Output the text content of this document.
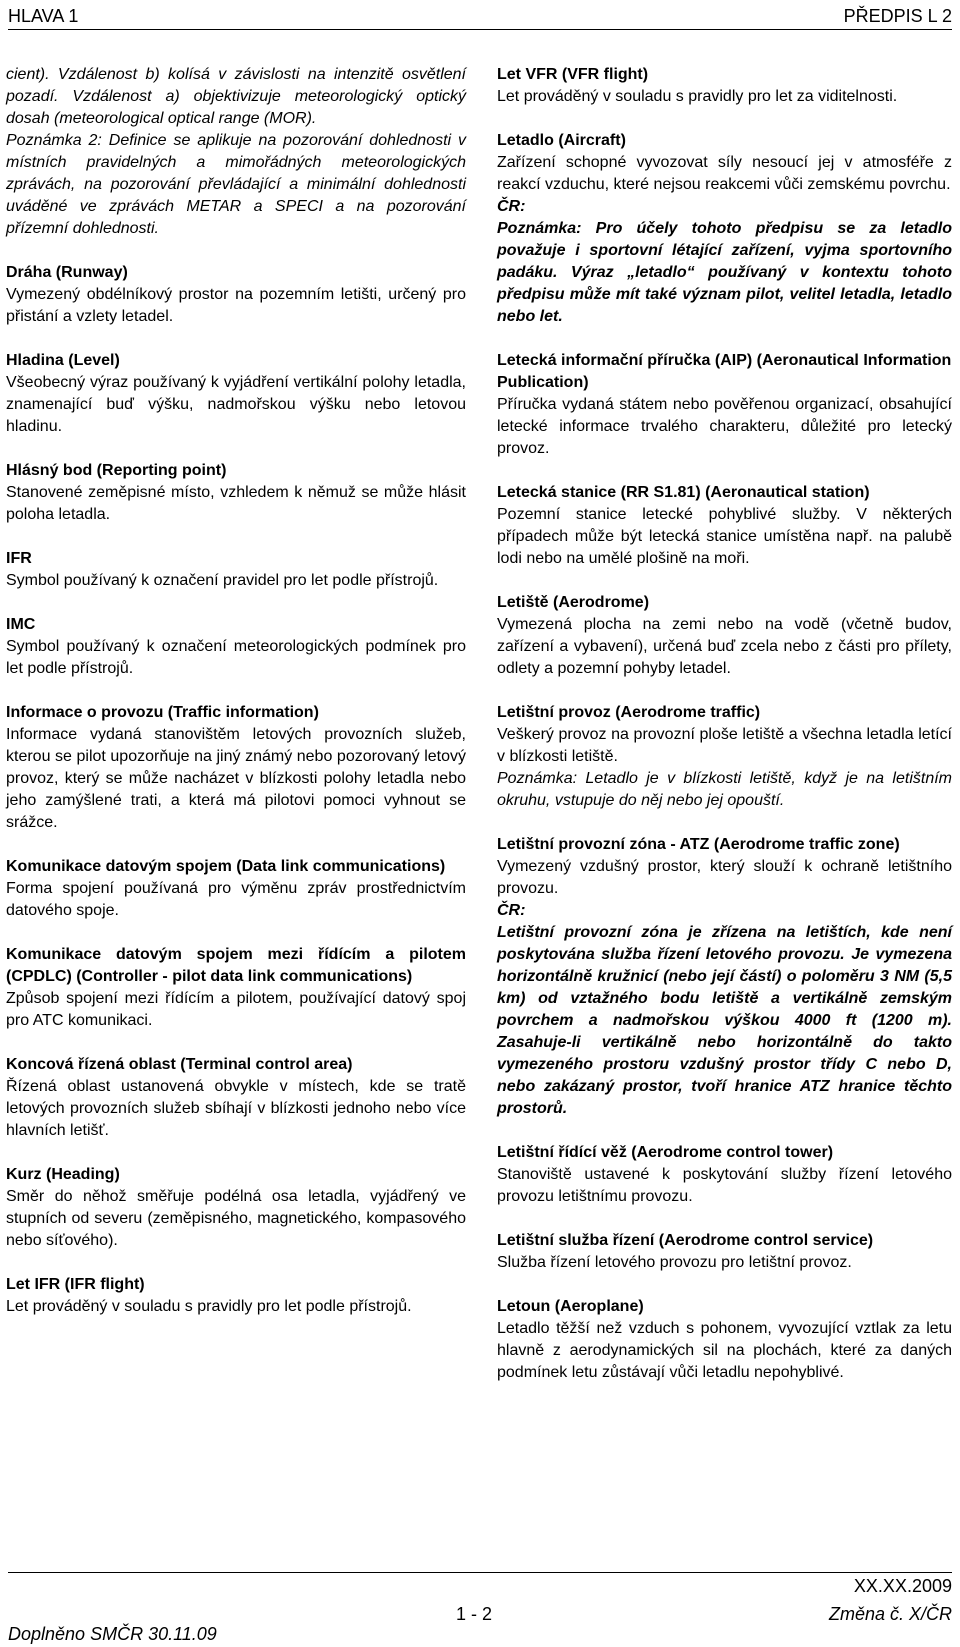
HLAVA 1	PŘEDPIS L 2
cient). Vzdálenost b) kolísá v závislosti na intenzitě osvětlení pozadí. Vzdálenost a) objektivizuje meteorologický optický dosah (meteorological optical range (MOR).
Poznámka 2: Definice se aplikuje na pozorování dohlednosti v místních pravidelných a mimořádných meteorologických zprávách, na pozorování převládající a minimální dohlednosti uváděné ve zprávách METAR a SPECI a na pozorování přízemní dohlednosti.
Dráha (Runway)
Vymezený obdélníkový prostor na pozemním letišti, určený pro přistání a vzlety letadel.
Hladina (Level)
Všeobecný výraz používaný k vyjádření vertikální polohy letadla, znamenající buď výšku, nadmořskou výšku nebo letovou hladinu.
Hlásný bod (Reporting point)
Stanovené zeměpisné místo, vzhledem k němuž se může hlásit poloha letadla.
IFR
Symbol používaný k označení pravidel pro let podle přístrojů.
IMC
Symbol používaný k označení meteorologických podmínek pro let podle přístrojů.
Informace o provozu (Traffic information)
Informace vydaná stanovištěm letových provozních služeb, kterou se pilot upozorňuje na jiný známý nebo pozorovaný letový provoz, který se může nacházet v blízkosti polohy letadla nebo jeho zamýšlené trati, a která má pilotovi pomoci vyhnout se srážce.
Komunikace datovým spojem (Data link communications)
Forma spojení používaná pro výměnu zpráv prostřednictvím datového spoje.
Komunikace datovým spojem mezi řídícím a pilotem (CPDLC) (Controller - pilot data link communications)
Způsob spojení mezi řídícím a pilotem, používající datový spoj pro ATC komunikaci.
Koncová řízená oblast (Terminal control area)
Řízená oblast ustanovená obvykle v místech, kde se tratě letových provozních služeb sbíhají v blízkosti jednoho nebo více hlavních letišť.
Kurz (Heading)
Směr do něhož směřuje podélná osa letadla, vyjádřený ve stupních od severu (zeměpisného, magnetického, kompasového nebo síťového).
Let IFR (IFR flight)
Let prováděný v souladu s pravidly pro let podle přístrojů.
Let VFR (VFR flight)
Let prováděný v souladu s pravidly pro let za viditelnosti.
Letadlo (Aircraft)
Zařízení schopné vyvozovat síly nesoucí jej v atmosféře z reakcí vzduchu, které nejsou reakcemi vůči zemskému povrchu.
ČR:
Poznámka: Pro účely tohoto předpisu se za letadlo považuje i sportovní létající zařízení, vyjma sportovního padáku. Výraz „letadlo“ používaný v kontextu tohoto předpisu může mít také význam pilot, velitel letadla, letadlo nebo let.
Letecká informační příručka (AIP) (Aeronautical Information Publication)
Příručka vydaná státem nebo pověřenou organizací, obsahující letecké informace trvalého charakteru, důležité pro letecký provoz.
Letecká stanice (RR S1.81) (Aeronautical station)
Pozemní stanice letecké pohyblivé služby. V některých případech může být letecká stanice umístěna např. na palubě lodi nebo na umělé plošině na moři.
Letiště (Aerodrome)
Vymezená plocha na zemi nebo na vodě (včetně budov, zařízení a vybavení), určená buď zcela nebo z části pro přílety, odlety a pozemní pohyby letadel.
Letištní provoz (Aerodrome traffic)
Veškerý provoz na provozní ploše letiště a všechna letadla letící v blízkosti letiště.
Poznámka: Letadlo je v blízkosti letiště, když je na letištním okruhu, vstupuje do něj nebo jej opouští.
Letištní provozní zóna - ATZ (Aerodrome traffic zone)
Vymezený vzdušný prostor, který slouží k ochraně letištního provozu.
ČR:
Letištní provozní zóna je zřízena na letištích, kde není poskytována služba řízení letového provozu. Je vymezena horizontálně kružnicí (nebo její částí) o poloměru 3 NM (5,5 km) od vztažného bodu letiště a vertikálně zemským povrchem a nadmořskou výškou 4000 ft (1200 m). Zasahuje-li vertikálně nebo horizontálně do takto vymezeného prostoru vzdušný prostor třídy C nebo D, nebo zakázaný prostor, tvoří hranice ATZ hranice těchto prostorů.
Letištní řídící věž (Aerodrome control tower)
Stanoviště ustavené k poskytování služby řízení letového provozu letištnímu provozu.
Letištní služba řízení (Aerodrome control service)
Služba řízení letového provozu pro letištní provoz.
Letoun (Aeroplane)
Letadlo těžší než vzduch s pohonem, vyvozující vztlak za letu hlavně z aerodynamických sil na plochách, které za daných podmínek letu zůstávají vůči letadlu nepohyblivé.
XX.XX.2009
1 - 2	Změna č. X/ČR
Doplněno SMČR 30.11.09
